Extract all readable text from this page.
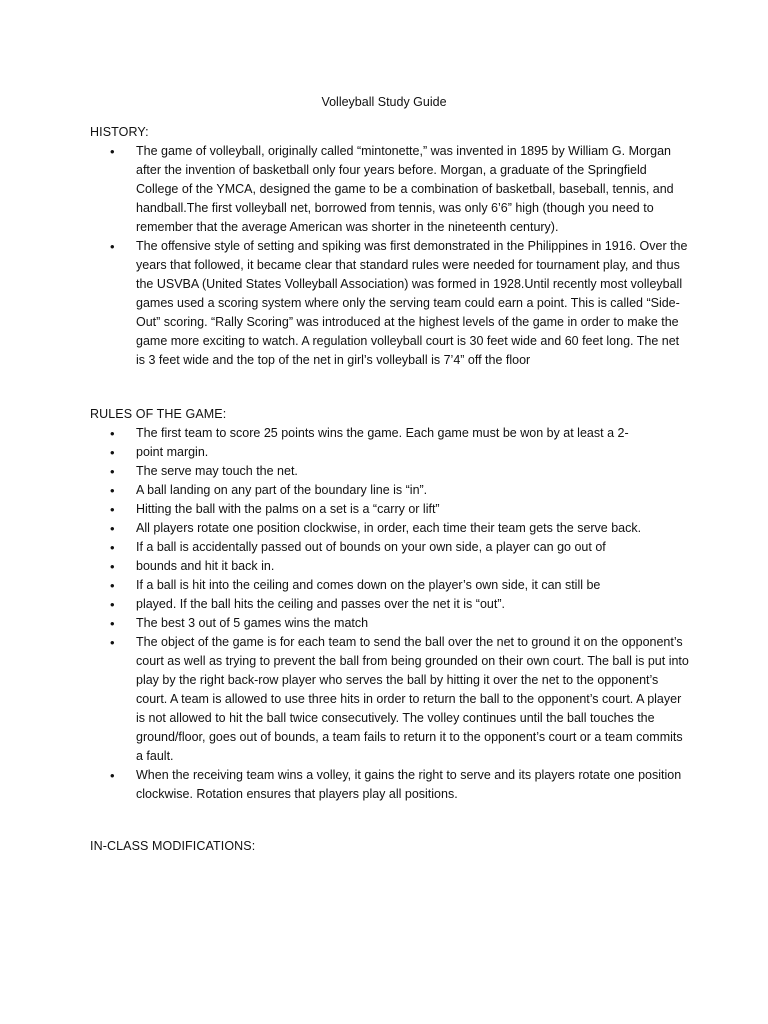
Volleyball Study Guide
HISTORY:
•	The game of volleyball, originally called “mintonette,” was invented in 1895 by William G. Morgan after the invention of basketball only four years before. Morgan, a graduate of the Springfield College of the YMCA, designed the game to be a combination of basketball, baseball, tennis, and handball.The first volleyball net, borrowed from tennis, was only 6’6” high (though you need to remember that the average American was shorter in the nineteenth century).
•	The offensive style of setting and spiking was first demonstrated in the Philippines in 1916. Over the years that followed, it became clear that standard rules were needed for tournament play, and thus the USVBA (United States Volleyball Association) was formed in 1928.Until recently most volleyball games used a scoring system where only the serving team could earn a point. This is called “Side-Out” scoring. “Rally Scoring” was introduced at the highest levels of the game in order to make the game more exciting to watch. A regulation volleyball court is 30 feet wide and 60 feet long. The net is 3 feet wide and the top of the net in girl’s volleyball is 7’4” off the floor
RULES OF THE GAME:
•	The first team to score 25 points wins the game. Each game must be won by at least a 2-
•	point margin.
•	The serve may touch the net.
•	A ball landing on any part of the boundary line is “in”.
•	Hitting the ball with the palms on a set is a “carry or lift”
•	All players rotate one position clockwise, in order, each time their team gets the serve back.
•	If a ball is accidentally passed out of bounds on your own side, a player can go out of
•	bounds and hit it back in.
•	If a ball is hit into the ceiling and comes down on the player’s own side, it can still be
•	played. If the ball hits the ceiling and passes over the net it is “out”.
•	The best 3 out of 5 games wins the match
•	The object of the game is for each team to send the ball over the net to ground it on the opponent’s court as well as trying to prevent the ball from being grounded on their own court. The ball is put into play by the right back-row player who serves the ball by hitting it over the net to the opponent’s court. A team is allowed to use three hits in order to return the ball to the opponent’s court. A player is not allowed to hit the ball twice consecutively. The volley continues until the ball touches the ground/floor, goes out of bounds, a team fails to return it to the opponent’s court or a team commits a fault.
•	When the receiving team wins a volley, it gains the right to serve and its players rotate one position clockwise. Rotation ensures that players play all positions.
IN-CLASS MODIFICATIONS:
